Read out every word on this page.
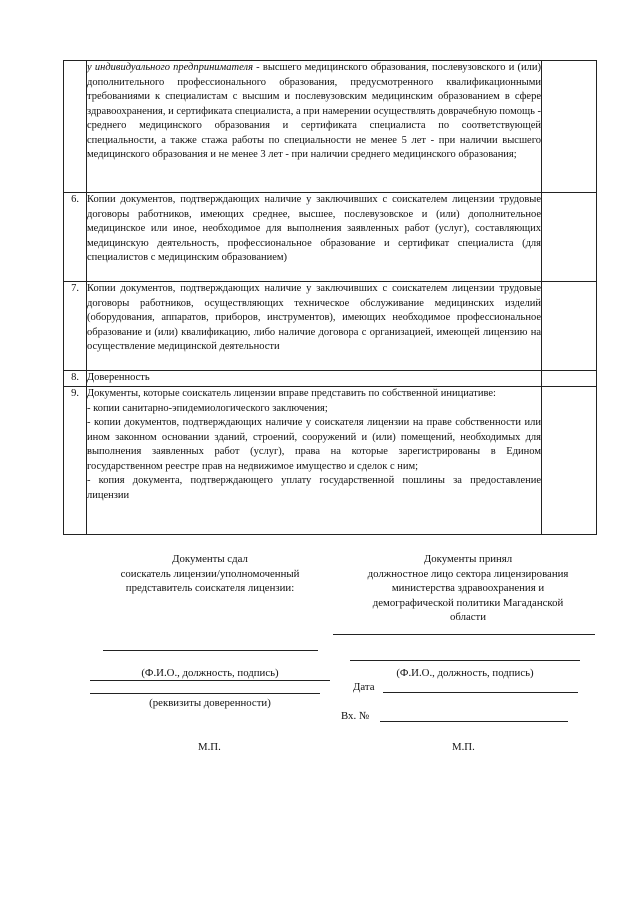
	у индивидуального предпринимателя - высшего медицинского образования, послевузовского и (или) дополнительного профессионального образования, предусмотренного квалификационными требованиями к специалистам с высшим и послевузовским медицинским образованием в сфере здравоохранения, и сертификата специалиста, а при намерении осуществлять доврачебную помощь - среднего медицинского образования и сертификата специалиста по соответствующей специальности, а также стажа работы по специальности не менее 5 лет - при наличии высшего медицинского образования и не менее 3 лет - при наличии среднего медицинского образования;	
6.	Копии документов, подтверждающих наличие у заключивших с соискателем лицензии трудовые договоры работников, имеющих среднее, высшее, послевузовское и (или) дополнительное медицинское или иное, необходимое для выполнения заявленных работ (услуг), составляющих медицинскую деятельность, профессиональное образование и сертификат специалиста (для специалистов с медицинским образованием)	
7.	Копии документов, подтверждающих наличие у заключивших с соискателем лицензии трудовые договоры работников, осуществляющих техническое обслуживание медицинских изделий (оборудования, аппаратов, приборов, инструментов), имеющих необходимое профессиональное образование и (или) квалификацию, либо наличие договора с организацией, имеющей лицензию на осуществление медицинской деятельности	
8.	Доверенность	
9.	Документы, которые соискатель лицензии вправе представить по собственной инициативе:

- копии санитарно-эпидемиологического заключения;

- копии документов, подтверждающих наличие у соискателя лицензии на праве собственности или ином законном основании зданий, строений, сооружений и (или) помещений, необходимых для выполнения заявленных работ (услуг), права на которые зарегистрированы в Едином государственном реестре прав на недвижимое имущество и сделок с ним;

- копия документа, подтверждающего уплату государственной пошлины за предоставление лицензии	

Документы сдал
соискатель лицензии/уполномоченный
представитель соискателя лицензии:
(Ф.И.О., должность, подпись)
(реквизиты доверенности)
М.П.
Документы принял
должностное лицо сектора лицензирования
министерства здравоохранения и
демографической политики Магаданской
области
(Ф.И.О., должность, подпись)
Дата
Вх. №
М.П.
